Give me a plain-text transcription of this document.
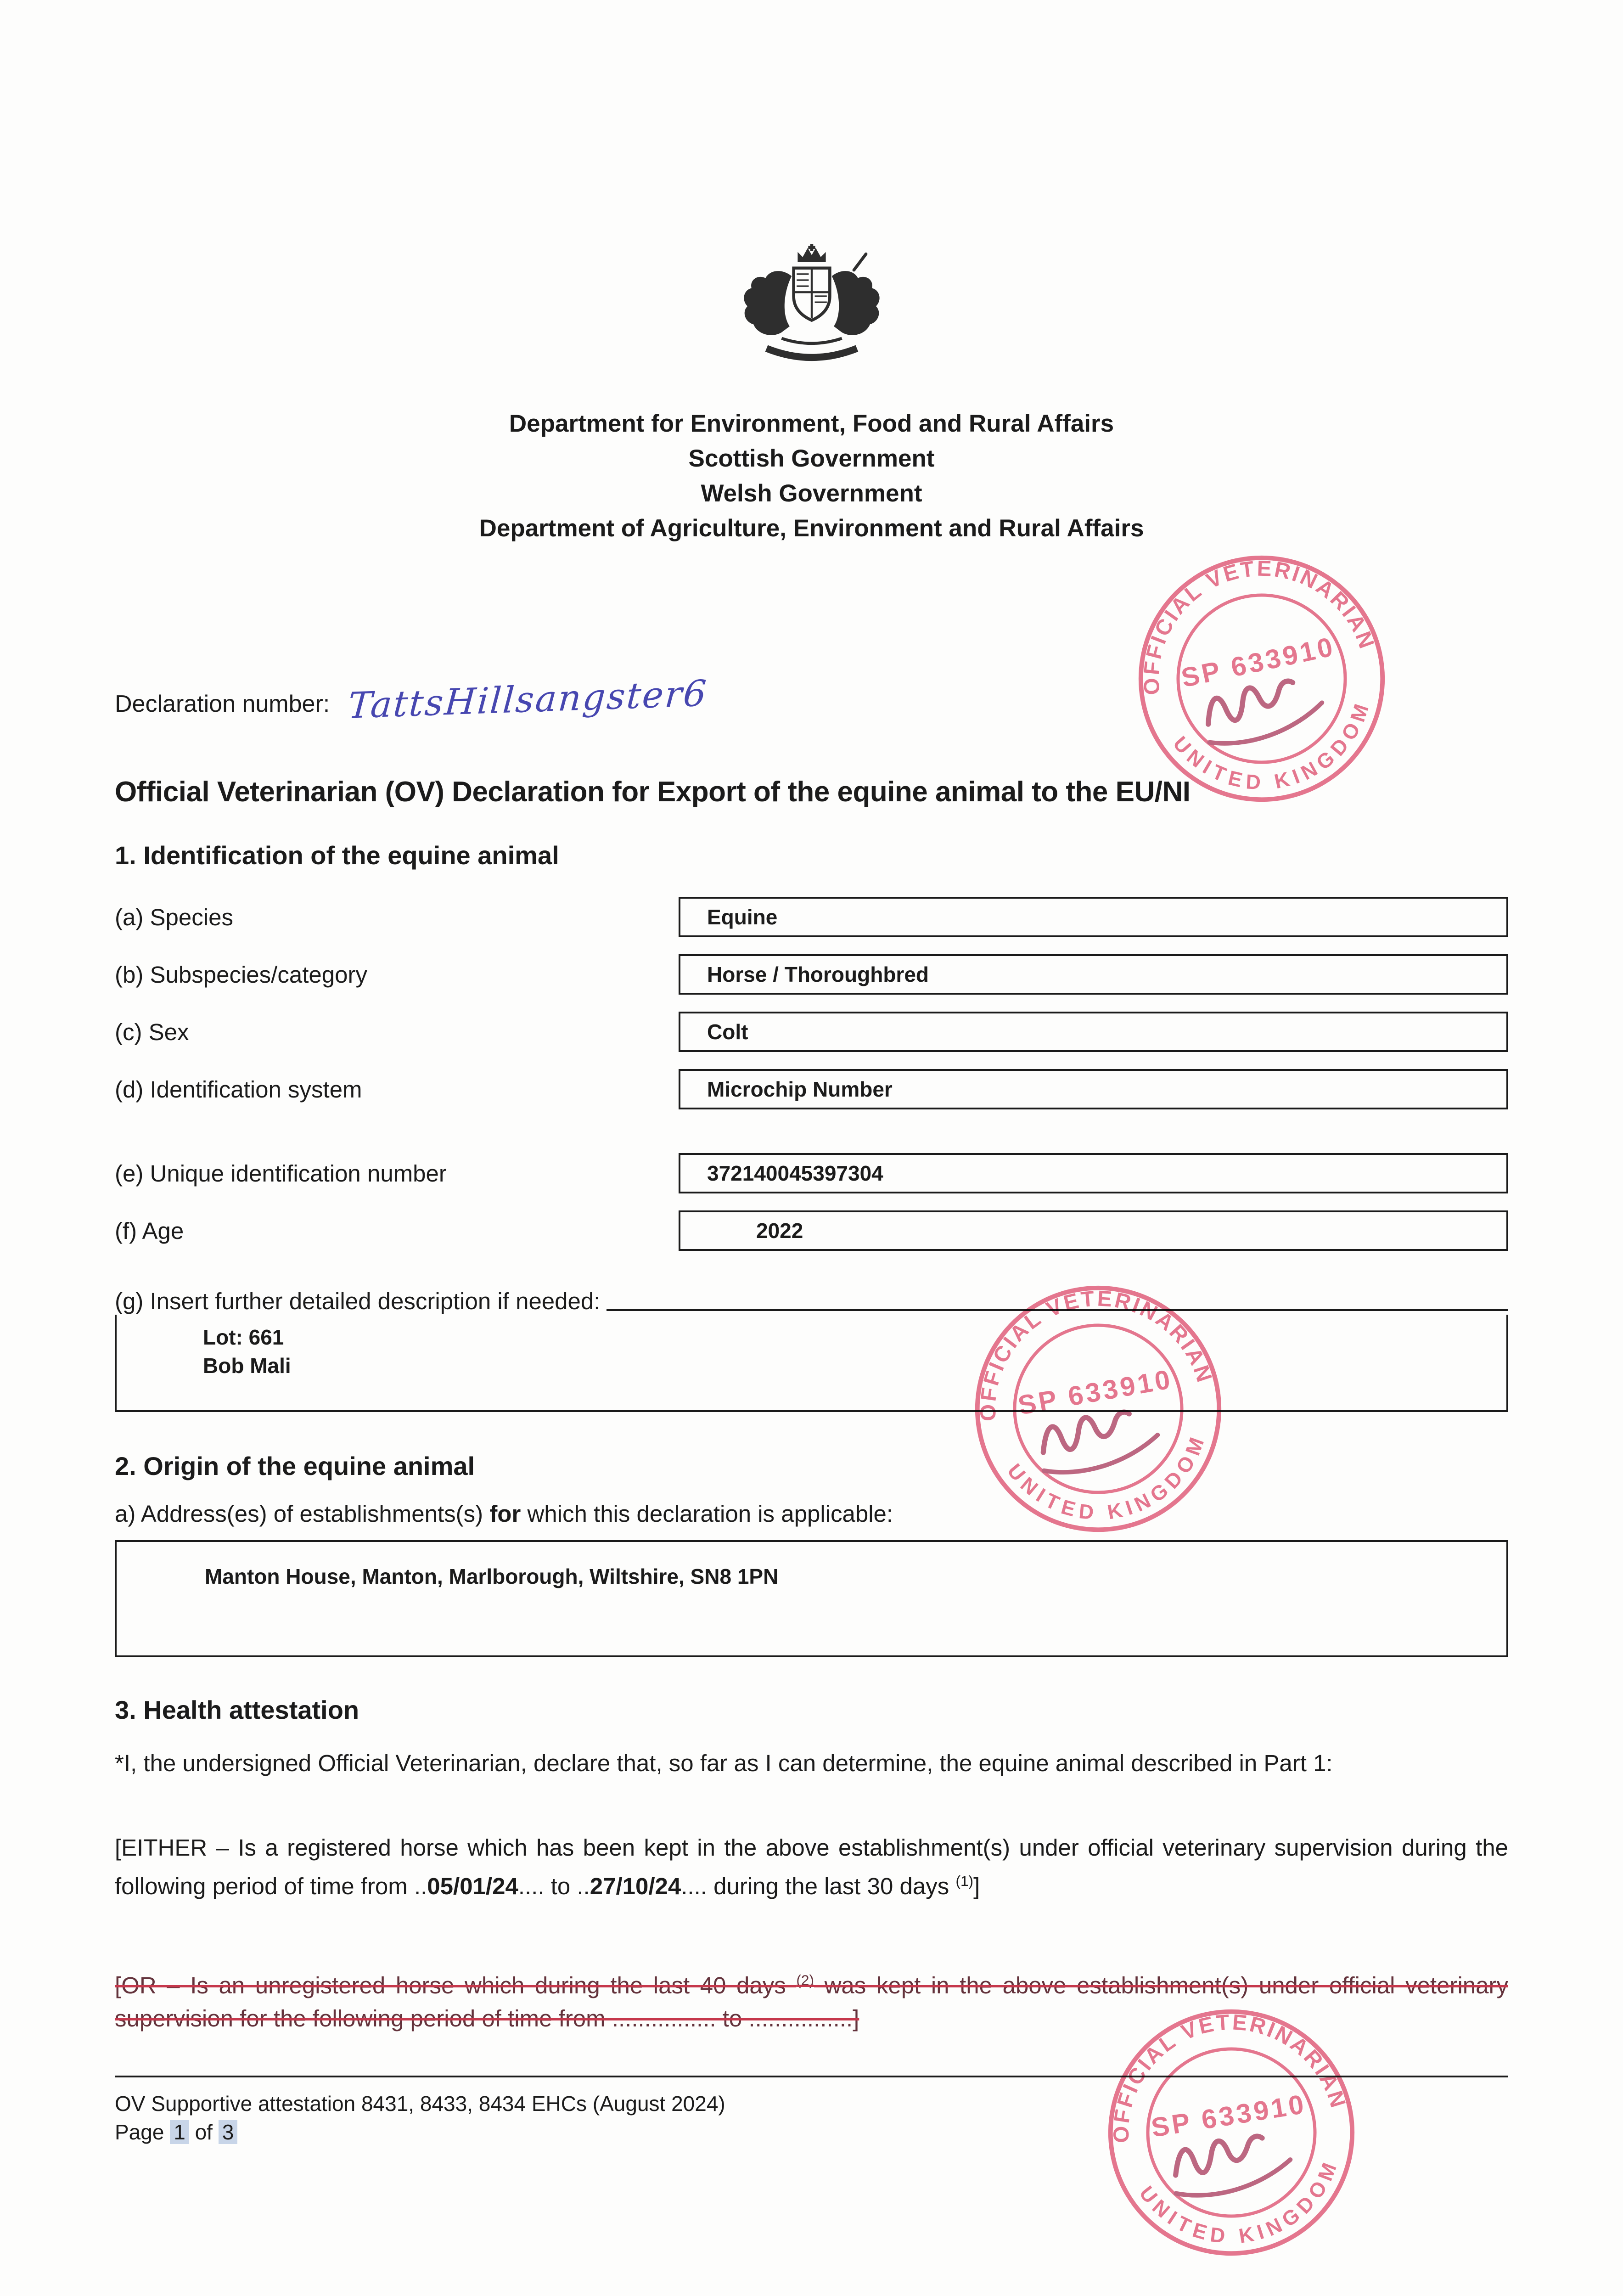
Department for Environment, Food and Rural Affairs
Scottish Government
Welsh Government
Department of Agriculture, Environment and Rural Affairs
Declaration number: TattsHillsangster6
Official Veterinarian (OV) Declaration for Export of the equine animal to the EU/NI
1. Identification of the equine animal
(a) Species	Equine
(b) Subspecies/category	Horse / Thoroughbred
(c) Sex	Colt
(d) Identification system	Microchip Number
(e) Unique identification number	372140045397304
(f) Age	2022
(g) Insert further detailed description if needed:
Lot: 661
Bob Mali
2. Origin of the equine animal

a) Address(es) of establishments(s) for which this declaration is applicable:

Manton House, Manton, Marlborough, Wiltshire, SN8 1PN
3. Health attestation

*I, the undersigned Official Veterinarian, declare that, so far as I can determine, the equine animal described in Part 1:

[EITHER – Is a registered horse which has been kept in the above establishment(s) under official veterinary supervision during the following period of time from ..05/01/24.... to ..27/10/24.... during the last 30 days $^{(1)}$]

[OR – Is an unregistered horse which during the last 40 days $^{(2)}$ was kept in the above establishment(s) under official veterinary supervision for the following period of time from ................ to ................]

OV Supportive attestation 8431, 8433, 8434 EHCs (August 2024)
Page 1 of 3
OFFICIAL VETERINARIAN
UNITED KINGDOM
SP 633910
OFFICIAL VETERINARIAN
UNITED KINGDOM
SP 633910
OFFICIAL VETERINARIAN
UNITED KINGDOM
SP 633910
